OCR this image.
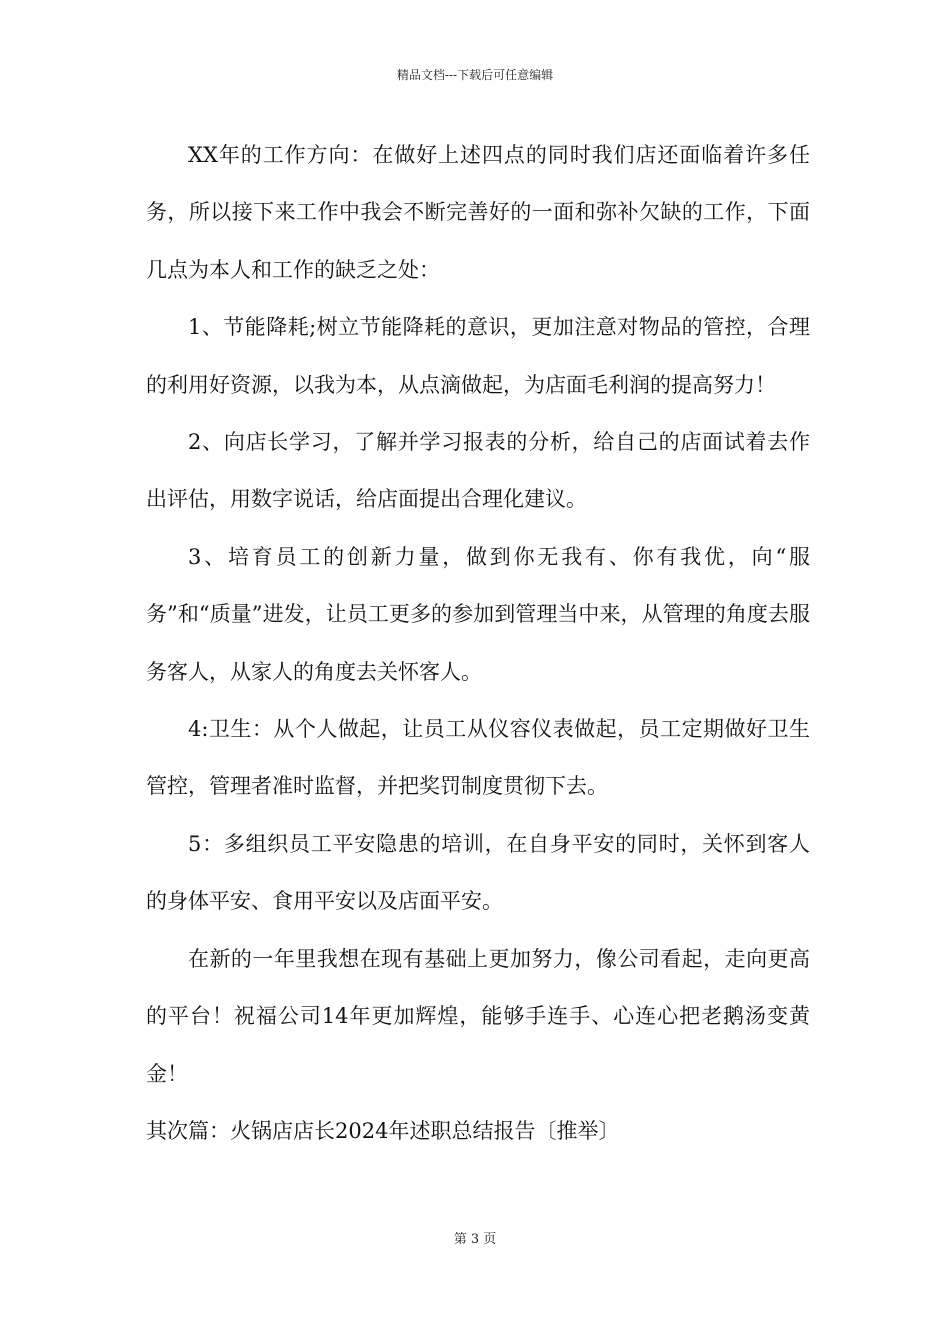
精品文档---下载后可任意编辑

XX年的工作方向：在做好上述四点的同时我们店还面临着许多任务，所以接下来工作中我会不断完善好的一面和弥补欠缺的工作，下面几点为本人和工作的缺乏之处：

1、节能降耗;树立节能降耗的意识，更加注意对物品的管控，合理的利用好资源，以我为本，从点滴做起，为店面毛利润的提高努力！

2、向店长学习，了解并学习报表的分析，给自己的店面试着去作出评估，用数字说话，给店面提出合理化建议。

3、培育员工的创新力量，做到你无我有、你有我优，向“服务”和“质量”进发，让员工更多的参加到管理当中来，从管理的角度去服务客人，从家人的角度去关怀客人。

4:卫生：从个人做起，让员工从仪容仪表做起，员工定期做好卫生管控，管理者准时监督，并把奖罚制度贯彻下去。

5：多组织员工平安隐患的培训，在自身平安的同时，关怀到客人的身体平安、食用平安以及店面平安。

在新的一年里我想在现有基础上更加努力，像公司看起，走向更高的平台！祝福公司14年更加辉煌，能够手连手、心连心把老鹅汤变黄金！

其次篇：火锅店店长2024年述职总结报告〔推举〕

第 3 页
